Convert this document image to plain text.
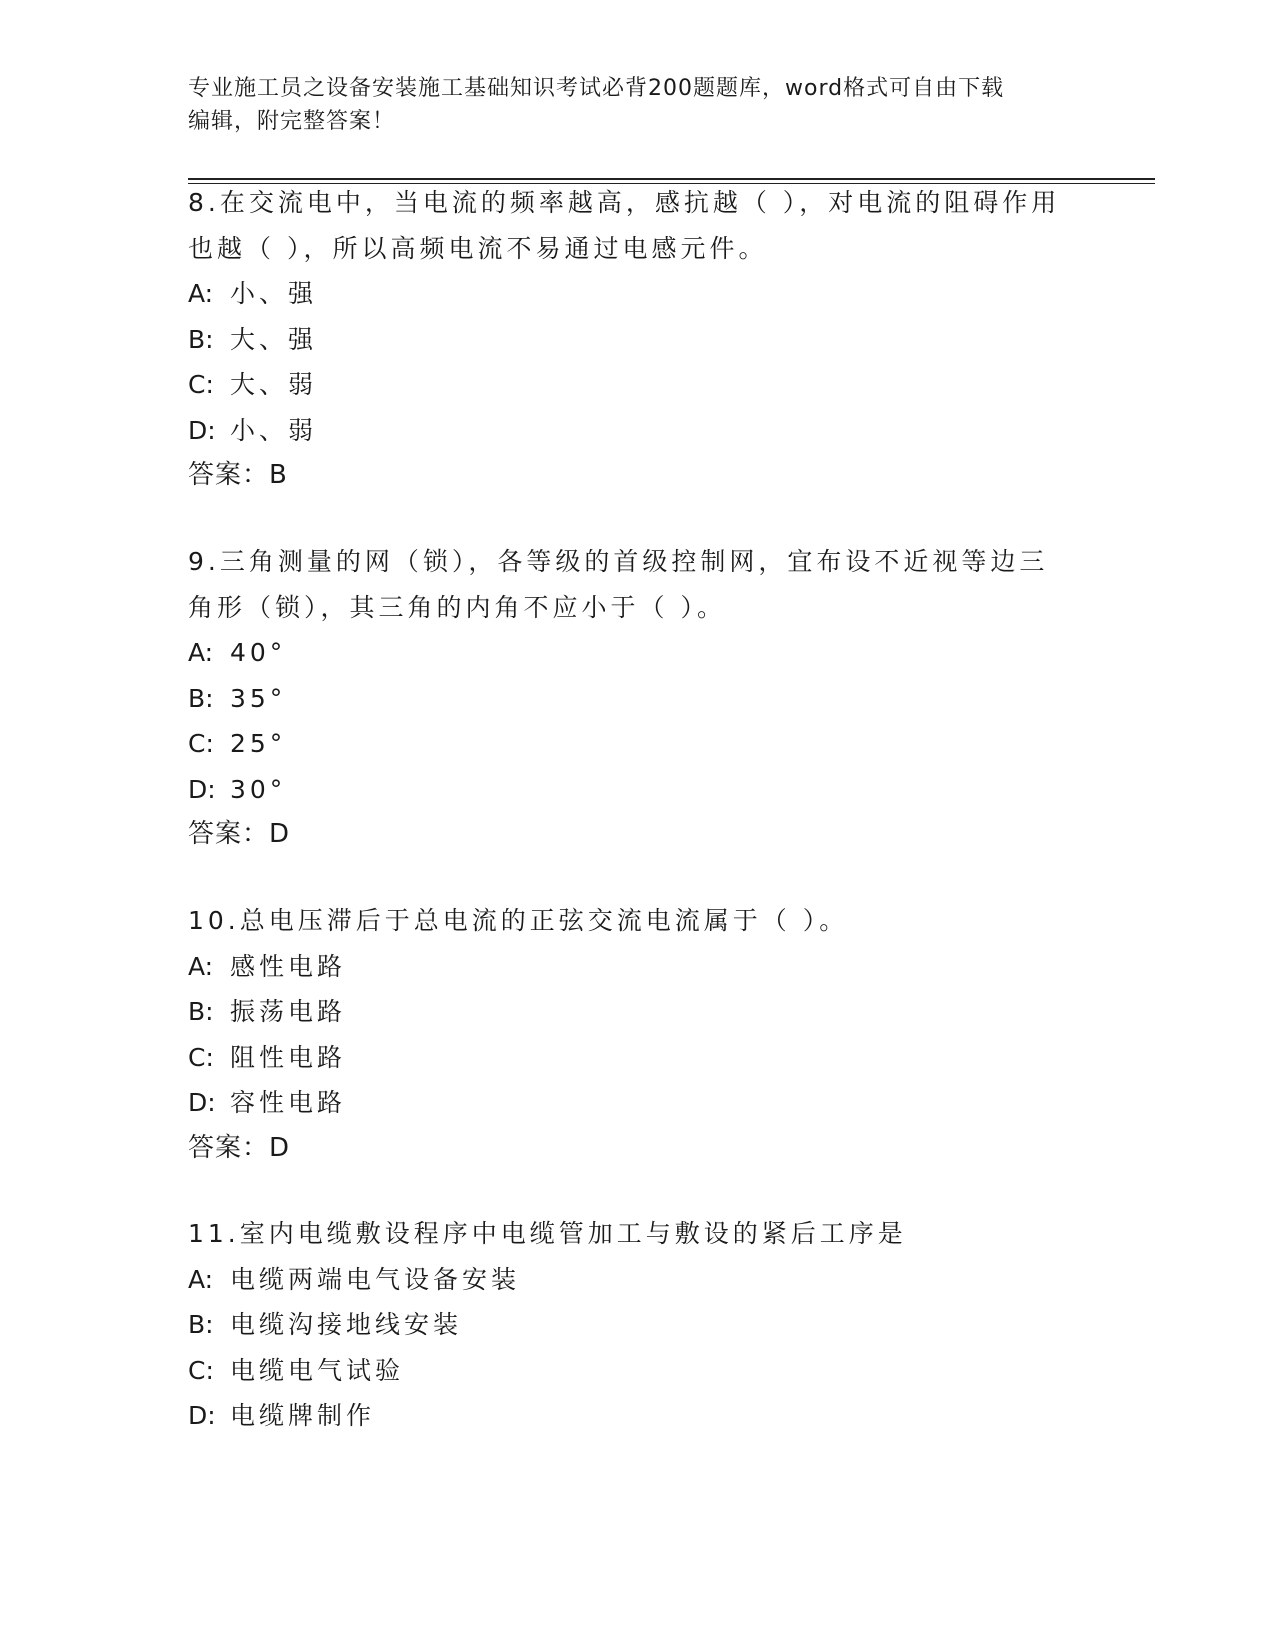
专业施工员之设备安装施工基础知识考试必背200题题库，word格式可自由下载
编辑，附完整答案！
8.在交流电中，当电流的频率越高，感抗越（ ），对电流的阻碍作用
也越（ ），所以高频电流不易通过电感元件。
A: 小、强
B: 大、强
C: 大、弱
D: 小、弱
答案：B
9.三角测量的网（锁），各等级的首级控制网，宜布设不近视等边三
角形（锁），其三角的内角不应小于（ ）。
A: 40°
B: 35°
C: 25°
D: 30°
答案：D
10.总电压滞后于总电流的正弦交流电流属于（ ）。
A: 感性电路
B: 振荡电路
C: 阻性电路
D: 容性电路
答案：D
11.室内电缆敷设程序中电缆管加工与敷设的紧后工序是
A: 电缆两端电气设备安装
B: 电缆沟接地线安装
C: 电缆电气试验
D: 电缆牌制作
